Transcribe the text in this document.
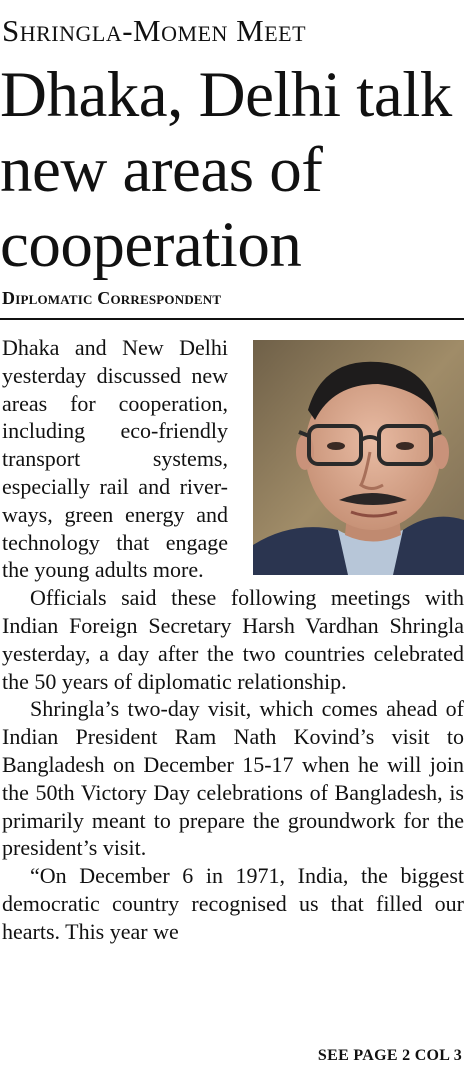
Shringla-Momen Meet
Dhaka, Delhi talk new areas of cooperation
Diplomatic Correspondent

Dhaka and New Delhi yesterday discussed new areas for cooperation, including eco-friendly transport systems, especially rail and river-ways, green energy and technology that engage the young adults more.

Officials said these following meetings with Indian Foreign Secretary Harsh Vardhan Shringla yesterday, a day after the two countries celebrated the 50 years of diplomatic relationship.

Shringla’s two-day visit, which comes ahead of Indian President Ram Nath Kovind’s visit to Bangladesh on December 15-17 when he will join the 50th Victory Day celebrations of Bangladesh, is primarily meant to prepare the groundwork for the president’s visit.

“On December 6 in 1971, India, the biggest democratic country recognised us that filled our hearts. This year we

SEE PAGE 2 COL 3
